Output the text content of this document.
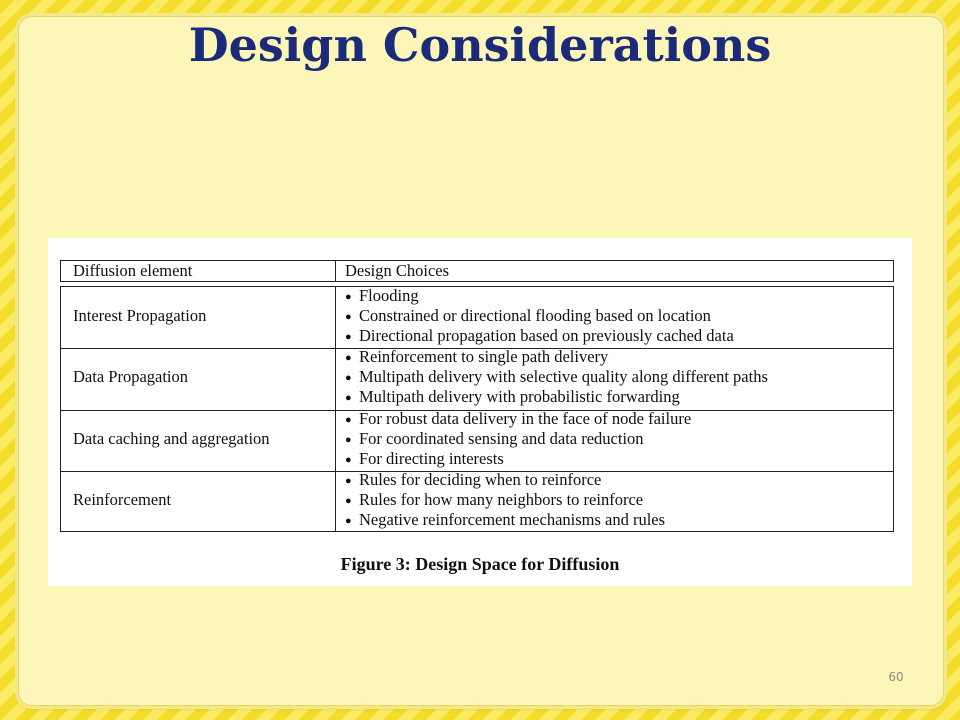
Design Considerations
Diffusion element	Design Choices
Interest Propagation
● Flooding
● Constrained or directional flooding based on location
● Directional propagation based on previously cached data
Data Propagation
● Reinforcement to single path delivery
● Multipath delivery with selective quality along different paths
● Multipath delivery with probabilistic forwarding
Data caching and aggregation
● For robust data delivery in the face of node failure
● For coordinated sensing and data reduction
● For directing interests
Reinforcement
● Rules for deciding when to reinforce
● Rules for how many neighbors to reinforce
● Negative reinforcement mechanisms and rules
Figure 3: Design Space for Diffusion
60
